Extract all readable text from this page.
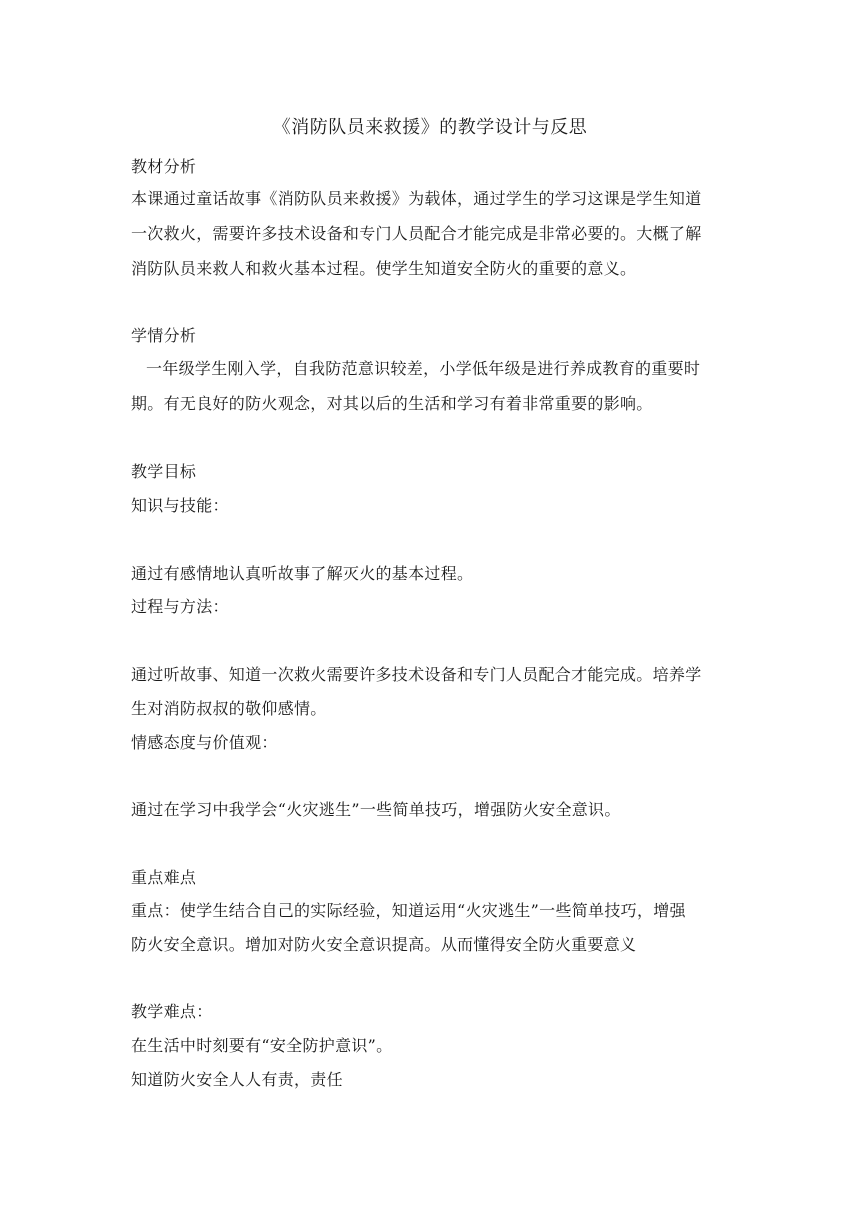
《消防队员来救援》的教学设计与反思
教材分析
本课通过童话故事《消防队员来救援》为载体，通过学生的学习这课是学生知道
一次救火，需要许多技术设备和专门人员配合才能完成是非常必要的。大概了解
消防队员来救人和救火基本过程。使学生知道安全防火的重要的意义。
学情分析
一年级学生刚入学，自我防范意识较差，小学低年级是进行养成教育的重要时
期。有无良好的防火观念，对其以后的生活和学习有着非常重要的影响。
教学目标
知识与技能：
通过有感情地认真听故事了解灭火的基本过程。
过程与方法：
通过听故事、知道一次救火需要许多技术设备和专门人员配合才能完成。培养学
生对消防叔叔的敬仰感情。
情感态度与价值观：
通过在学习中我学会“火灾逃生”一些简单技巧，增强防火安全意识。
重点难点
重点：使学生结合自己的实际经验，知道运用“火灾逃生”一些简单技巧，增强
防火安全意识。增加对防火安全意识提高。从而懂得安全防火重要意义
教学难点：
在生活中时刻要有“安全防护意识”。
知道防火安全人人有责，责任
